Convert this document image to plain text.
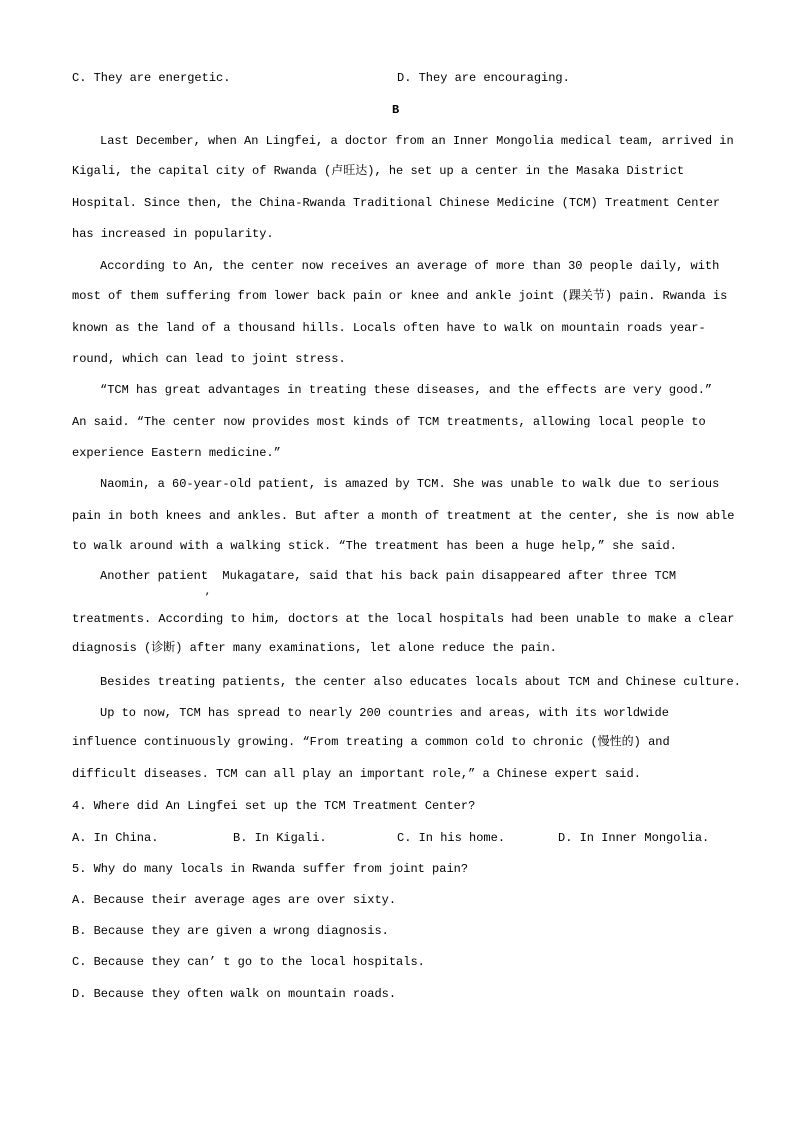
C. They are energetic.	D. They are encouraging.
B
Last December, when An Lingfei, a doctor from an Inner Mongolia medical team, arrived in
Kigali, the capital city of Rwanda (卢旺达), he set up a center in the Masaka District
Hospital. Since then, the China-Rwanda Traditional Chinese Medicine (TCM) Treatment Center
has increased in popularity.
According to An, the center now receives an average of more than 30 people daily, with
most of them suffering from lower back pain or knee and ankle joint (踝关节) pain. Rwanda is
known as the land of a thousand hills. Locals often have to walk on mountain roads year-
round, which can lead to joint stress.
“TCM has great advantages in treating these diseases, and the effects are very good.”
An said. “The center now provides most kinds of TCM treatments, allowing local people to
experience Eastern medicine.”
Naomin, a 60-year-old patient, is amazed by TCM. She was unable to walk due to serious
pain in both knees and ankles. But after a month of treatment at the center, she is now able
to walk around with a walking stick. “The treatment has been a huge help,” she said.
Another patient  Mukagatare, said that his back pain disappeared after three TCM
,
treatments. According to him, doctors at the local hospitals had been unable to make a clear
diagnosis (诊断) after many examinations, let alone reduce the pain.
Besides treating patients, the center also educates locals about TCM and Chinese culture.
Up to now, TCM has spread to nearly 200 countries and areas, with its worldwide
influence continuously growing. “From treating a common cold to chronic (慢性的) and
difficult diseases. TCM can all play an important role,” a Chinese expert said.
4. Where did An Lingfei set up the TCM Treatment Center?
A. In China.	B. In Kigali.	C. In his home.	D. In Inner Mongolia.
5. Why do many locals in Rwanda suffer from joint pain?
A. Because their average ages are over sixty.
B. Because they are given a wrong diagnosis.
C. Because they can’ t go to the local hospitals.
D. Because they often walk on mountain roads.
